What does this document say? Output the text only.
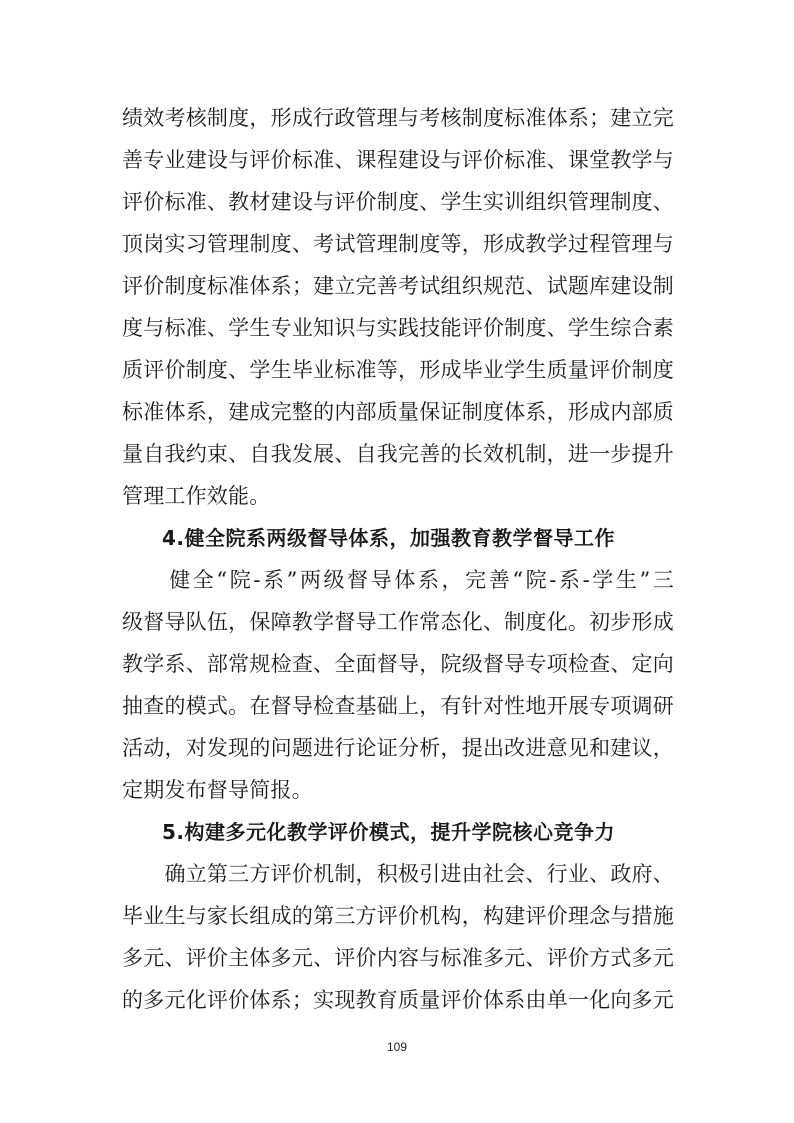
绩效考核制度，形成行政管理与考核制度标准体系；建立完
善专业建设与评价标准、课程建设与评价标准、课堂教学与
评价标准、教材建设与评价制度、学生实训组织管理制度、
顶岗实习管理制度、考试管理制度等，形成教学过程管理与
评价制度标准体系；建立完善考试组织规范、试题库建设制
度与标准、学生专业知识与实践技能评价制度、学生综合素
质评价制度、学生毕业标准等，形成毕业学生质量评价制度
标准体系，建成完整的内部质量保证制度体系，形成内部质
量自我约束、自我发展、自我完善的长效机制，进一步提升
管理工作效能。
4.健全院系两级督导体系，加强教育教学督导工作
　　健全“院-系”两级督导体系，完善“院-系-学生”三
级督导队伍，保障教学督导工作常态化、制度化。初步形成
教学系、部常规检查、全面督导，院级督导专项检查、定向
抽查的模式。在督导检查基础上，有针对性地开展专项调研
活动，对发现的问题进行论证分析，提出改进意见和建议，
定期发布督导简报。
5.构建多元化教学评价模式，提升学院核心竞争力
　　确立第三方评价机制，积极引进由社会、行业、政府、
毕业生与家长组成的第三方评价机构，构建评价理念与措施
多元、评价主体多元、评价内容与标准多元、评价方式多元
的多元化评价体系；实现教育质量评价体系由单一化向多元
109
